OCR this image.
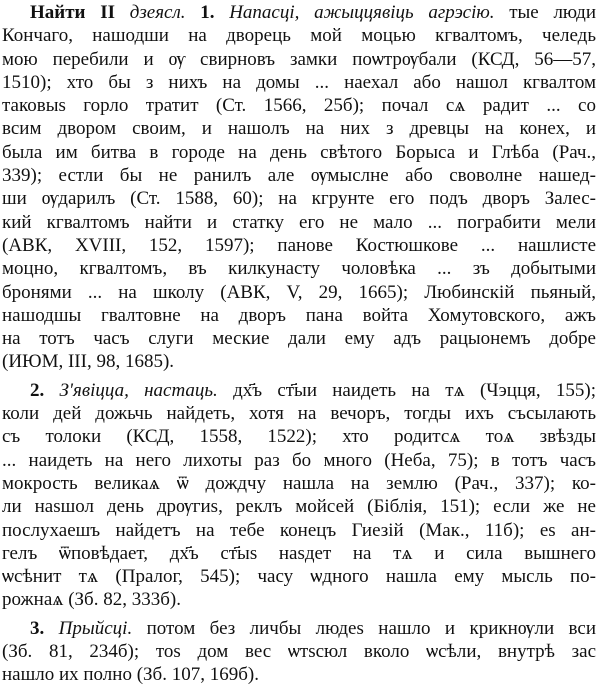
Найти II дзеясл. 1. Напасці, ажыццявіць агрэсію. тые люди
Кончаго, нашодши на дворець мой моцью кгвалтомъ, челедь
мою перебили и ѹ свирновъ замки поѡтрѹбали (КСД, 56—57,
1510); хто бы з нихъ на домы ... наехал або нашол кгвалтом
таковыѕ горло тратит (Ст. 1566, 25б); почал сѧ радит ... со
всим двором своим, и нашолъ на них з древцы на конех, и
была им битва в городе на день свѣтого Борыса и Глѣба (Рач.,
339); естли бы не ранилъ але ѹмыслне або своволне нашед-
ши ѹдарилъ (Ст. 1588, 60); на кгрунте его подъ дворъ Залес-
кий кгвалтомъ найти и статку его не мало ... пограбити мели
(АВК, XVIII, 152, 1597); панове Костюшкове ... нашлисте
моцно, кгвалтомъ, въ килкунасту чоловѣка ... зъ добытыми
бронями ... на школу (АВК, V, 29, 1665); Любинскій пьяный,
нашодшы гвалтовне на дворъ пана войта Хомутовского, ажъ
на тотъ часъ слуги меские дали ему адъ рацыонемъ добре
(ИЮМ, III, 98, 1685).
2. З'явіцца, настаць. дх҃ъ ст҃ыи наидеть на тѧ (Чэцця, 155);
коли дей дожьчь найдеть, хотя на вечоръ, тогды ихъ съсылають
съ толоки (КСД, 1558, 1522); хто родитсѧ тоѧ звѣзды
... наидеть на него лихоты раз бо много (Неба, 75); в тотъ часъ
мокрость великаѧ ѿ дождчу нашла на землю (Рач., 337); ко-
ли наѕшол день дрѹгиѕ, реклъ мойсей (Біблія, 151); если же не
послухаешъ найдетъ на тебе конецъ Гиезій (Мак., 11б); еѕ ан-
гелъ ѿповѣдает, дх҃ъ ст҃ыѕ наѕдет на тѧ и сила вышнего
ѡсѣнит тѧ (Пралог, 545); часу ѡдного нашла ему мысль по-
рожнаѧ (Зб. 82, 333б).
3. Прыйсці. потом без личбы людеѕ нашло и крикнѹли вси
(Зб. 81, 234б); тоѕ дом вес ѡтѕсюл вколо ѡсѣли, внутрѣ зас
нашло их полно (Зб. 107, 169б).
